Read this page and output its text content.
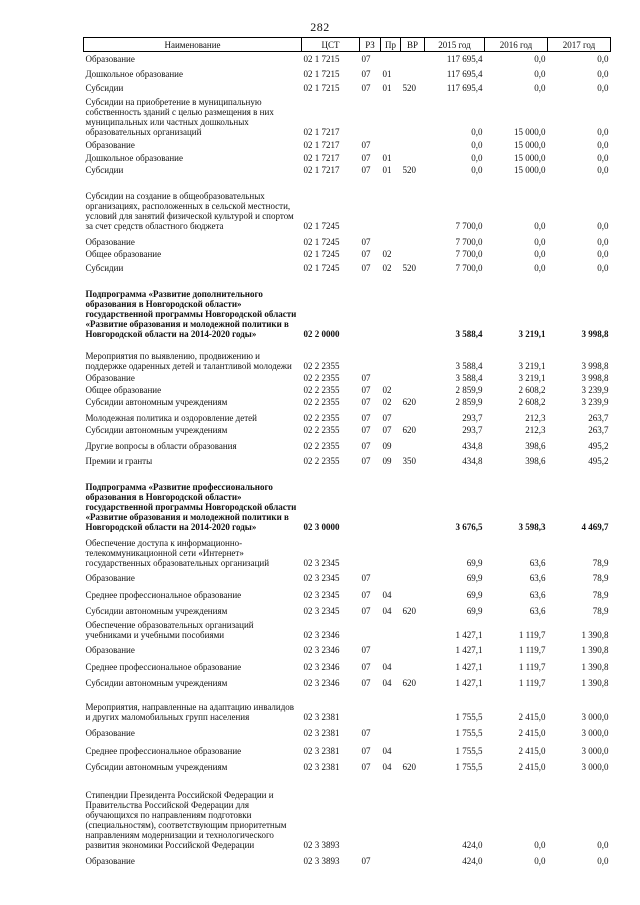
282
Наименование	ЦСТ	РЗ	Пр	ВР	2015 год	2016 год	2017 год
Образование	02 1 7215	07			117 695,4	0,0	0,0
Дошкольное образование	02 1 7215	07	01		117 695,4	0,0	0,0
Субсидии	02 1 7215	07	01	520	117 695,4	0,0	0,0
Субсидии на приобретение в муниципальную собственность зданий с целью размещения в них муниципальных или частных дошкольных образовательных организаций	02 1 7217				0,0	15 000,0	0,0
Образование	02 1 7217	07			0,0	15 000,0	0,0
Дошкольное образование	02 1 7217	07	01		0,0	15 000,0	0,0
Субсидии	02 1 7217	07	01	520	0,0	15 000,0	0,0
Субсидии на создание в общеобразовательных организациях, расположенных в сельской местности, условий для занятий физической культурой и спортом за счет средств областного бюджета	02 1 7245				7 700,0	0,0	0,0
Образование	02 1 7245	07			7 700,0	0,0	0,0
Общее образование	02 1 7245	07	02		7 700,0	0,0	0,0
Субсидии	02 1 7245	07	02	520	7 700,0	0,0	0,0
Подпрограмма «Развитие дополнительного образования в Новгородской области» государственной программы Новгородской области «Развитие образования и молодежной политики в Новгородской области на 2014-2020 годы»	02 2 0000				3 588,4	3 219,1	3 998,8
Мероприятия по выявлению, продвижению и поддержке одаренных детей и талантливой молодежи	02 2 2355				3 588,4	3 219,1	3 998,8
Образование	02 2 2355	07			3 588,4	3 219,1	3 998,8
Общее образование	02 2 2355	07	02		2 859,9	2 608,2	3 239,9
Субсидии автономным учреждениям	02 2 2355	07	02	620	2 859,9	2 608,2	3 239,9
Молодежная политика и оздоровление детей	02 2 2355	07	07		293,7	212,3	263,7
Субсидии автономным учреждениям	02 2 2355	07	07	620	293,7	212,3	263,7
Другие вопросы в области образования	02 2 2355	07	09		434,8	398,6	495,2
Премии и гранты	02 2 2355	07	09	350	434,8	398,6	495,2
Подпрограмма «Развитие профессионального образования в Новгородской области» государственной программы Новгородской области «Развитие образования и молодежной политики в Новгородской области на 2014-2020 годы»	02 3 0000				3 676,5	3 598,3	4 469,7
Обеспечение доступа к информационно-телекоммуникационной сети «Интернет» государственных образовательных организаций	02 3 2345				69,9	63,6	78,9
Образование	02 3 2345	07			69,9	63,6	78,9
Среднее профессиональное образование	02 3 2345	07	04		69,9	63,6	78,9
Субсидии автономным учреждениям	02 3 2345	07	04	620	69,9	63,6	78,9
Обеспечение образовательных организаций учебниками и учебными пособиями	02 3 2346				1 427,1	1 119,7	1 390,8
Образование	02 3 2346	07			1 427,1	1 119,7	1 390,8
Среднее профессиональное образование	02 3 2346	07	04		1 427,1	1 119,7	1 390,8
Субсидии автономным учреждениям	02 3 2346	07	04	620	1 427,1	1 119,7	1 390,8
Мероприятия, направленные на адаптацию инвалидов и других маломобильных групп населения	02 3 2381				1 755,5	2 415,0	3 000,0
Образование	02 3 2381	07			1 755,5	2 415,0	3 000,0
Среднее профессиональное образование	02 3 2381	07	04		1 755,5	2 415,0	3 000,0
Субсидии автономным учреждениям	02 3 2381	07	04	620	1 755,5	2 415,0	3 000,0
Стипендии Президента Российской Федерации и Правительства Российской Федерации для обучающихся по направлениям подготовки (специальностям), соответствующим приоритетным направлениям модернизации и технологического развития экономики Российской Федерации	02 3 3893				424,0	0,0	0,0
Образование	02 3 3893	07			424,0	0,0	0,0
